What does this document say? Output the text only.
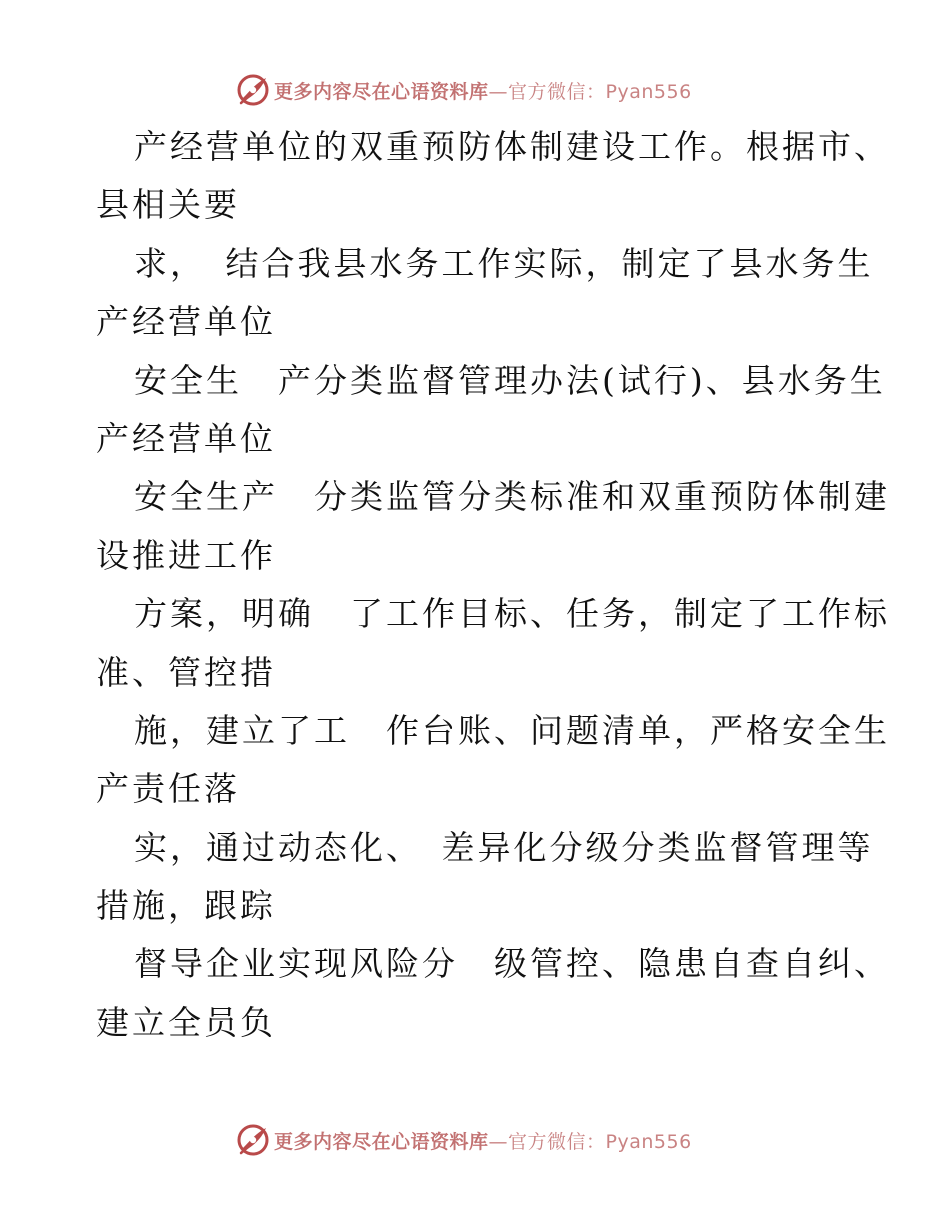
更多内容尽在心语资料库—官方微信：Pyan556
产经营单位的双重预防体制建设工作。根据市、
县相关要
求，　结合我县水务工作实际，制定了县水务生
产经营单位
安全生　产分类监督管理办法(试行)、县水务生
产经营单位
安全生产　分类监管分类标准和双重预防体制建
设推进工作
方案，明确　了工作目标、任务，制定了工作标
准、管控措
施，建立了工　作台账、问题清单，严格安全生
产责任落
实，通过动态化、　差异化分级分类监督管理等
措施，跟踪
督导企业实现风险分　级管控、隐患自查自纠、
建立全员负
更多内容尽在心语资料库—官方微信：Pyan556
